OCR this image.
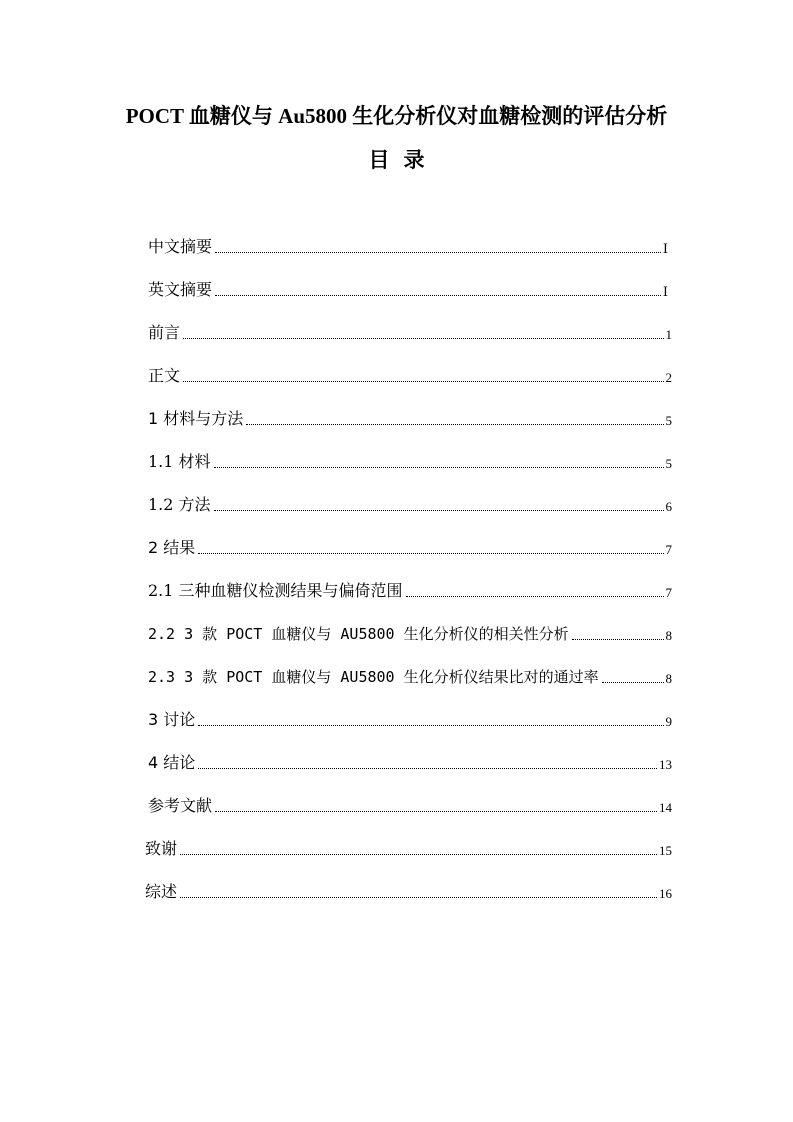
POCT 血糖仪与 Au5800 生化分析仪对血糖检测的评估分析
目录
中文摘要	Ⅰ
英文摘要	Ⅰ
前言	1
正文	2
1 材料与方法	5
1.1 材料	5
1.2 方法	6
2 结果	7
2.1 三种血糖仪检测结果与偏倚范围	7
2.2 3 款 POCT 血糖仪与 AU5800 生化分析仪的相关性分析	8
2.3 3 款 POCT 血糖仪与 AU5800 生化分析仪结果比对的通过率	8
3 讨论	9
4 结论	13
参考文献	14
致谢	15
综述	16
